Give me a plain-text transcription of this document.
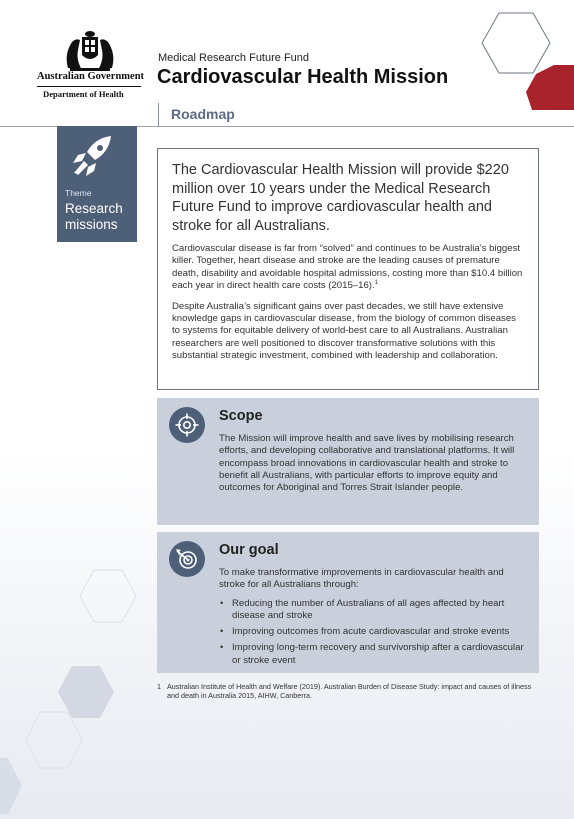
Australian Government
Department of Health
Medical Research Future Fund
Cardiovascular Health Mission
Roadmap
Theme
Research
missions

The Cardiovascular Health Mission will provide $220 million over 10 years under the Medical Research Future Fund to improve cardiovascular health and stroke for all Australians.

Cardiovascular disease is far from “solved” and continues to be Australia’s biggest killer. Together, heart disease and stroke are the leading causes of premature death, disability and avoidable hospital admissions, costing more than $10.4 billion each year in direct health care costs (2015–16).$^1$

Despite Australia’s significant gains over past decades, we still have extensive knowledge gaps in cardiovascular disease, from the biology of common diseases to systems for equitable delivery of world-best care to all Australians. Australian researchers are well positioned to discover transformative solutions with this substantial strategic investment, combined with leadership and collaboration.

Scope

The Mission will improve health and save lives by mobilising research efforts, and developing collaborative and translational platforms. It will encompass broad innovations in cardiovascular health and stroke to benefit all Australians, with particular efforts to improve equity and outcomes for Aboriginal and Torres Strait Islander people.

Our goal

To make transformative improvements in cardiovascular health and stroke for all Australians through:

• Reducing the number of Australians of all ages affected by heart disease and stroke
• Improving outcomes from acute cardiovascular and stroke events
• Improving long-term recovery and survivorship after a cardiovascular or stroke event
1 Australian Institute of Health and Welfare (2019). Australian Burden of Disease Study: impact and causes of illness and death in Australia 2015, AIHW, Canberra.
